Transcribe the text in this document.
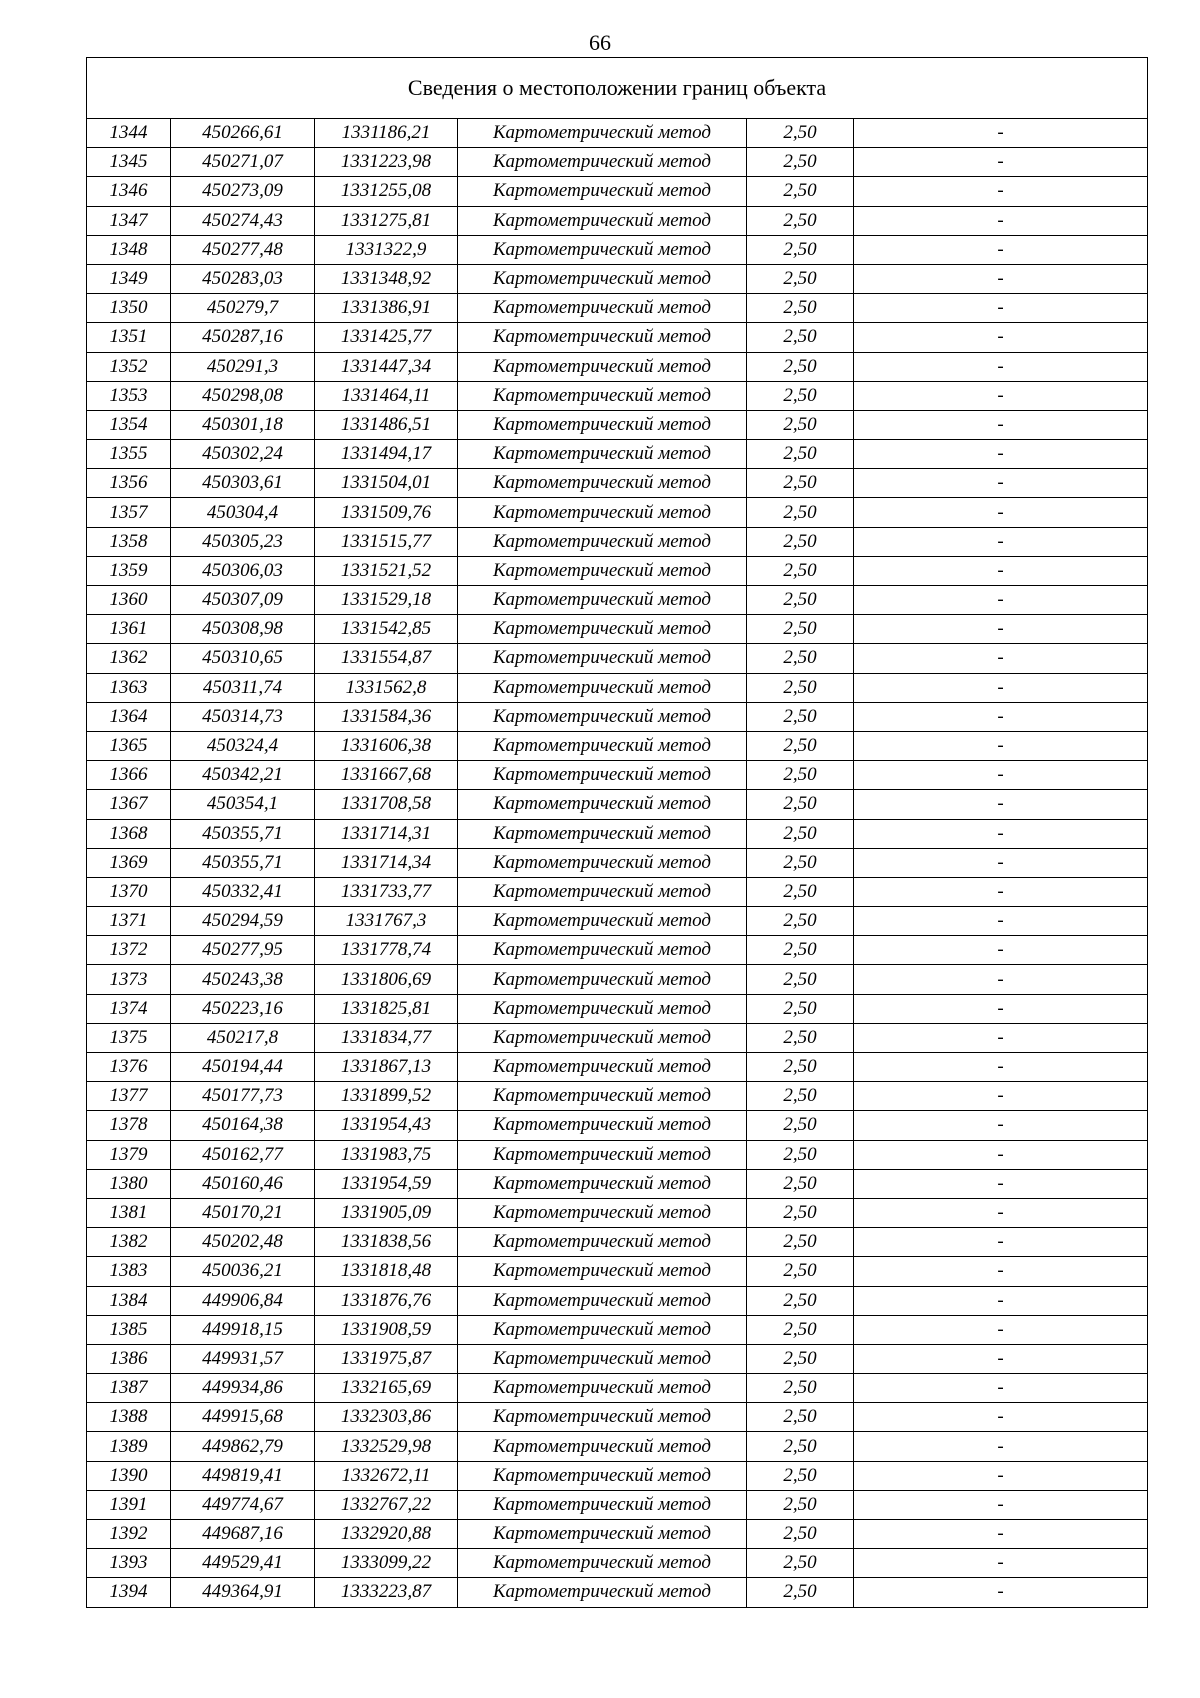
66
Сведения о местоположении границ объекта					
1344	450266,61	1331186,21	Картометрический метод	2,50	-
1345	450271,07	1331223,98	Картометрический метод	2,50	-
1346	450273,09	1331255,08	Картометрический метод	2,50	-
1347	450274,43	1331275,81	Картометрический метод	2,50	-
1348	450277,48	1331322,9	Картометрический метод	2,50	-
1349	450283,03	1331348,92	Картометрический метод	2,50	-
1350	450279,7	1331386,91	Картометрический метод	2,50	-
1351	450287,16	1331425,77	Картометрический метод	2,50	-
1352	450291,3	1331447,34	Картометрический метод	2,50	-
1353	450298,08	1331464,11	Картометрический метод	2,50	-
1354	450301,18	1331486,51	Картометрический метод	2,50	-
1355	450302,24	1331494,17	Картометрический метод	2,50	-
1356	450303,61	1331504,01	Картометрический метод	2,50	-
1357	450304,4	1331509,76	Картометрический метод	2,50	-
1358	450305,23	1331515,77	Картометрический метод	2,50	-
1359	450306,03	1331521,52	Картометрический метод	2,50	-
1360	450307,09	1331529,18	Картометрический метод	2,50	-
1361	450308,98	1331542,85	Картометрический метод	2,50	-
1362	450310,65	1331554,87	Картометрический метод	2,50	-
1363	450311,74	1331562,8	Картометрический метод	2,50	-
1364	450314,73	1331584,36	Картометрический метод	2,50	-
1365	450324,4	1331606,38	Картометрический метод	2,50	-
1366	450342,21	1331667,68	Картометрический метод	2,50	-
1367	450354,1	1331708,58	Картометрический метод	2,50	-
1368	450355,71	1331714,31	Картометрический метод	2,50	-
1369	450355,71	1331714,34	Картометрический метод	2,50	-
1370	450332,41	1331733,77	Картометрический метод	2,50	-
1371	450294,59	1331767,3	Картометрический метод	2,50	-
1372	450277,95	1331778,74	Картометрический метод	2,50	-
1373	450243,38	1331806,69	Картометрический метод	2,50	-
1374	450223,16	1331825,81	Картометрический метод	2,50	-
1375	450217,8	1331834,77	Картометрический метод	2,50	-
1376	450194,44	1331867,13	Картометрический метод	2,50	-
1377	450177,73	1331899,52	Картометрический метод	2,50	-
1378	450164,38	1331954,43	Картометрический метод	2,50	-
1379	450162,77	1331983,75	Картометрический метод	2,50	-
1380	450160,46	1331954,59	Картометрический метод	2,50	-
1381	450170,21	1331905,09	Картометрический метод	2,50	-
1382	450202,48	1331838,56	Картометрический метод	2,50	-
1383	450036,21	1331818,48	Картометрический метод	2,50	-
1384	449906,84	1331876,76	Картометрический метод	2,50	-
1385	449918,15	1331908,59	Картометрический метод	2,50	-
1386	449931,57	1331975,87	Картометрический метод	2,50	-
1387	449934,86	1332165,69	Картометрический метод	2,50	-
1388	449915,68	1332303,86	Картометрический метод	2,50	-
1389	449862,79	1332529,98	Картометрический метод	2,50	-
1390	449819,41	1332672,11	Картометрический метод	2,50	-
1391	449774,67	1332767,22	Картометрический метод	2,50	-
1392	449687,16	1332920,88	Картометрический метод	2,50	-
1393	449529,41	1333099,22	Картометрический метод	2,50	-
1394	449364,91	1333223,87	Картометрический метод	2,50	-
